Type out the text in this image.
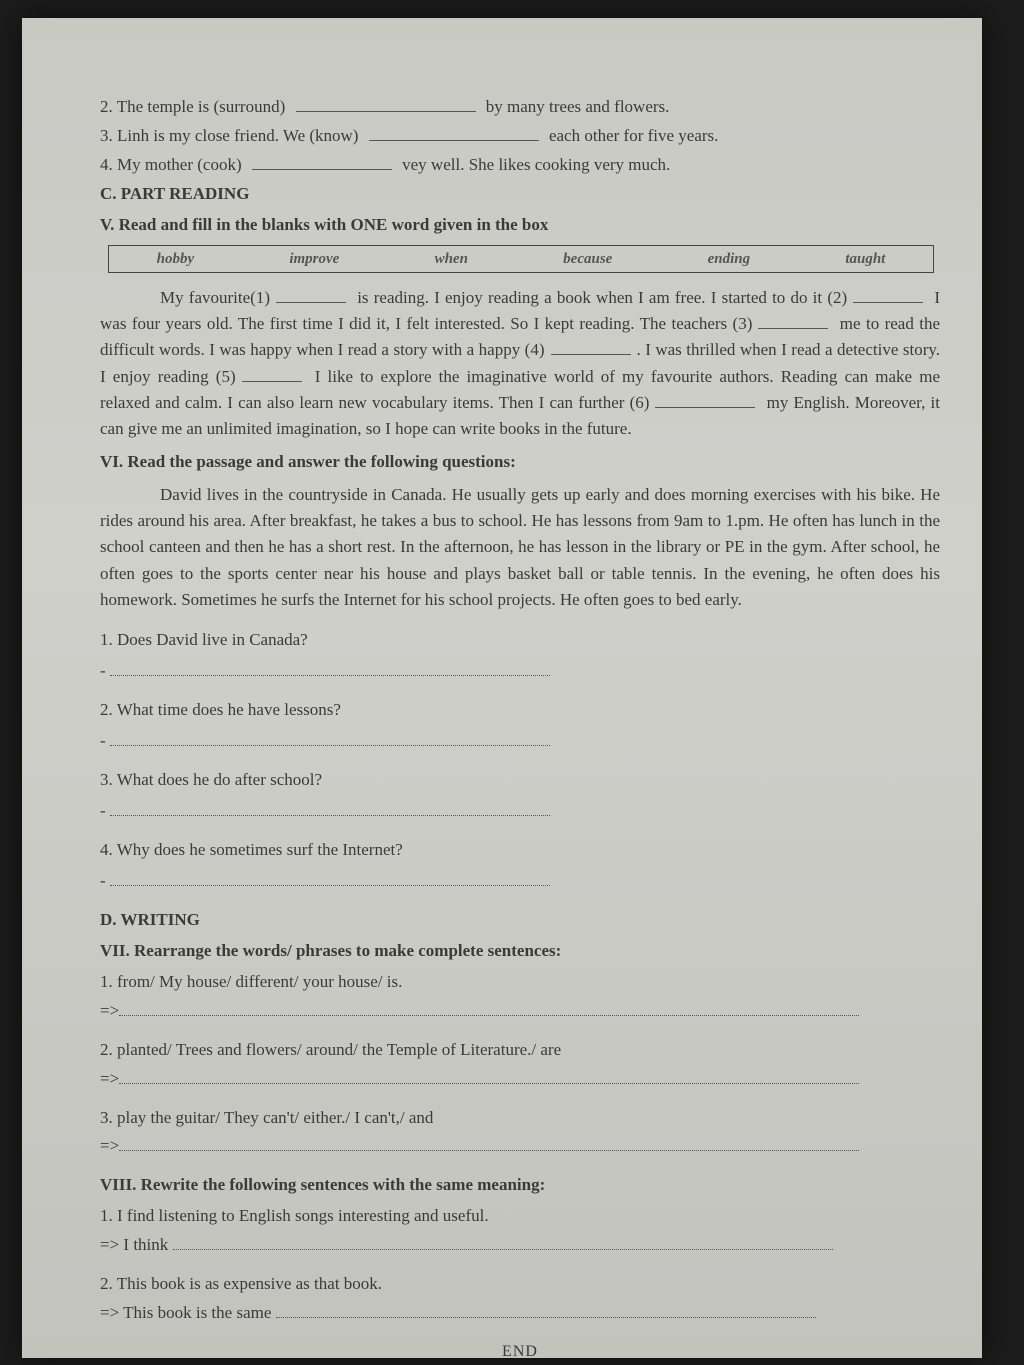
2. The temple is (surround)	by many trees and flowers.
3. Linh is my close friend. We (know)	each other for five years.
4. My mother (cook)	vey well. She likes cooking very much.
C. PART READING
V. Read and fill in the blanks with ONE word given in the box
hobby	improve	when	because	ending	taught

My favourite(1)	is reading. I enjoy reading a book when I am free. I started to do it (2)	I was four years old. The first time I did it, I felt interested. So I kept reading. The teachers (3)	me to read the difficult words. I was happy when I read a story with a happy (4)	. I was thrilled when I read a detective story. I enjoy reading (5)	I like to explore the imaginative world of my favourite authors. Reading can make me relaxed and calm. I can also learn new vocabulary items. Then I can further (6)	my English. Moreover, it can give me an unlimited imagination, so I hope can write books in the future.

VI. Read the passage and answer the following questions:

David lives in the countryside in Canada. He usually gets up early and does morning exercises with his bike. He rides around his area. After breakfast, he takes a bus to school. He has lessons from 9am to 1.pm. He often has lunch in the school canteen and then he has a short rest. In the afternoon, he has lesson in the library or PE in the gym. After school, he often goes to the sports center near his house and plays basket ball or table tennis. In the evening, he often does his homework. Sometimes he surfs the Internet for his school projects. He often goes to bed early.

1. Does David live in Canada?
-
2. What time does he have lessons?
-
3. What does he do after school?
-
4. Why does he sometimes surf the Internet?
-
D. WRITING
VII. Rearrange the words/ phrases to make complete sentences:
1. from/ My house/ different/ your house/ is.
=>
2. planted/ Trees and flowers/ around/ the Temple of Literature./ are
=>
3. play the guitar/ They can't/ either./ I can't,/ and
=>
VIII. Rewrite the following sentences with the same meaning:
1. I find listening to English songs interesting and useful.
=> I think
2. This book is as expensive as that book.
=> This book is the same
END
